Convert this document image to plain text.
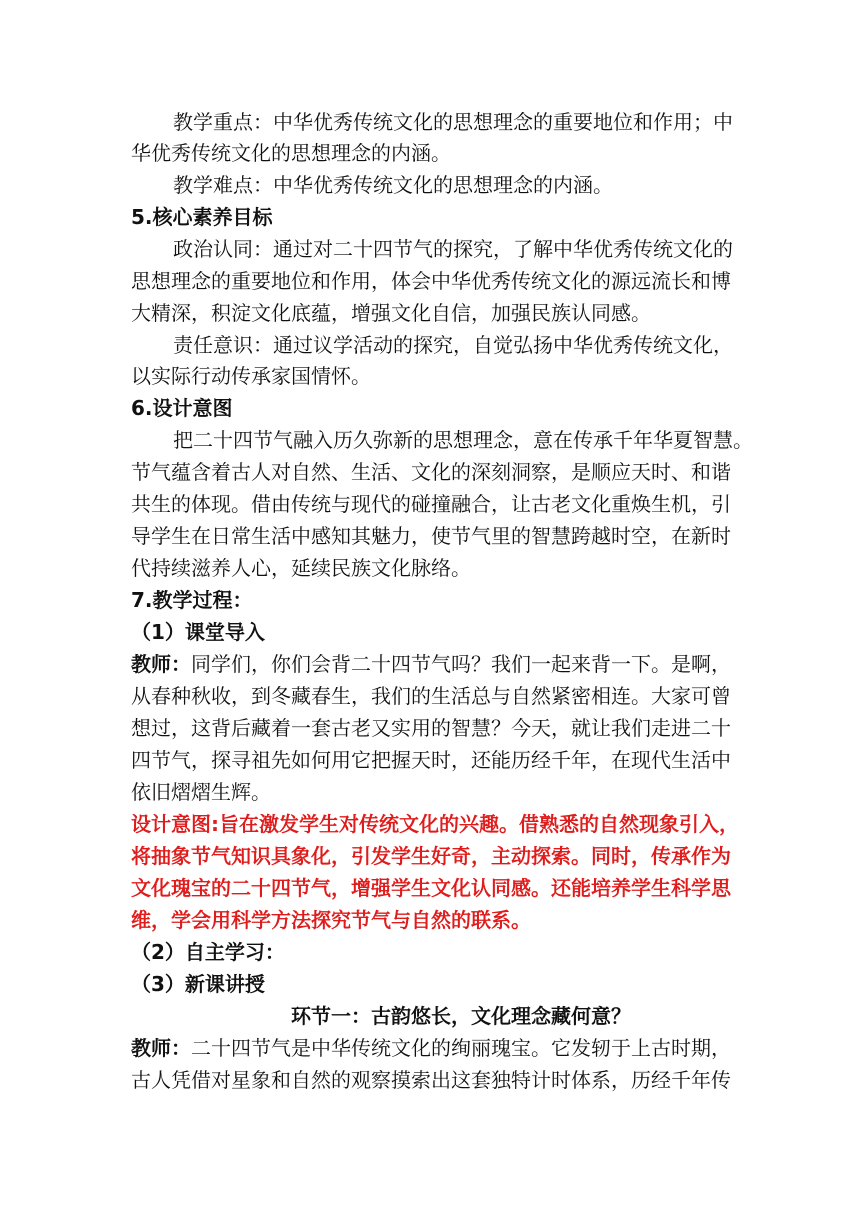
教学重点：中华优秀传统文化的思想理念的重要地位和作用；中
华优秀传统文化的思想理念的内涵。
教学难点：中华优秀传统文化的思想理念的内涵。
5.核心素养目标
政治认同：通过对二十四节气的探究，了解中华优秀传统文化的
思想理念的重要地位和作用，体会中华优秀传统文化的源远流长和博
大精深，积淀文化底蕴，增强文化自信，加强民族认同感。
责任意识：通过议学活动的探究，自觉弘扬中华优秀传统文化，
以实际行动传承家国情怀。
6.设计意图
把二十四节气融入历久弥新的思想理念，意在传承千年华夏智慧。
节气蕴含着古人对自然、生活、文化的深刻洞察，是顺应天时、和谐
共生的体现。借由传统与现代的碰撞融合，让古老文化重焕生机，引
导学生在日常生活中感知其魅力，使节气里的智慧跨越时空，在新时
代持续滋养人心，延续民族文化脉络。
7.教学过程：
（1）课堂导入
教师：同学们，你们会背二十四节气吗？我们一起来背一下。是啊，
从春种秋收，到冬藏春生，我们的生活总与自然紧密相连。大家可曾
想过，这背后藏着一套古老又实用的智慧？今天，就让我们走进二十
四节气，探寻祖先如何用它把握天时，还能历经千年，在现代生活中
依旧熠熠生辉。
设计意图:旨在激发学生对传统文化的兴趣。借熟悉的自然现象引入，
将抽象节气知识具象化，引发学生好奇，主动探索。同时，传承作为
文化瑰宝的二十四节气，增强学生文化认同感。还能培养学生科学思
维，学会用科学方法探究节气与自然的联系。
（2）自主学习：
（3）新课讲授
环节一：古韵悠长，文化理念藏何意？
教师：二十四节气是中华传统文化的绚丽瑰宝。它发轫于上古时期，
古人凭借对星象和自然的观察摸索出这套独特计时体系，历经千年传
